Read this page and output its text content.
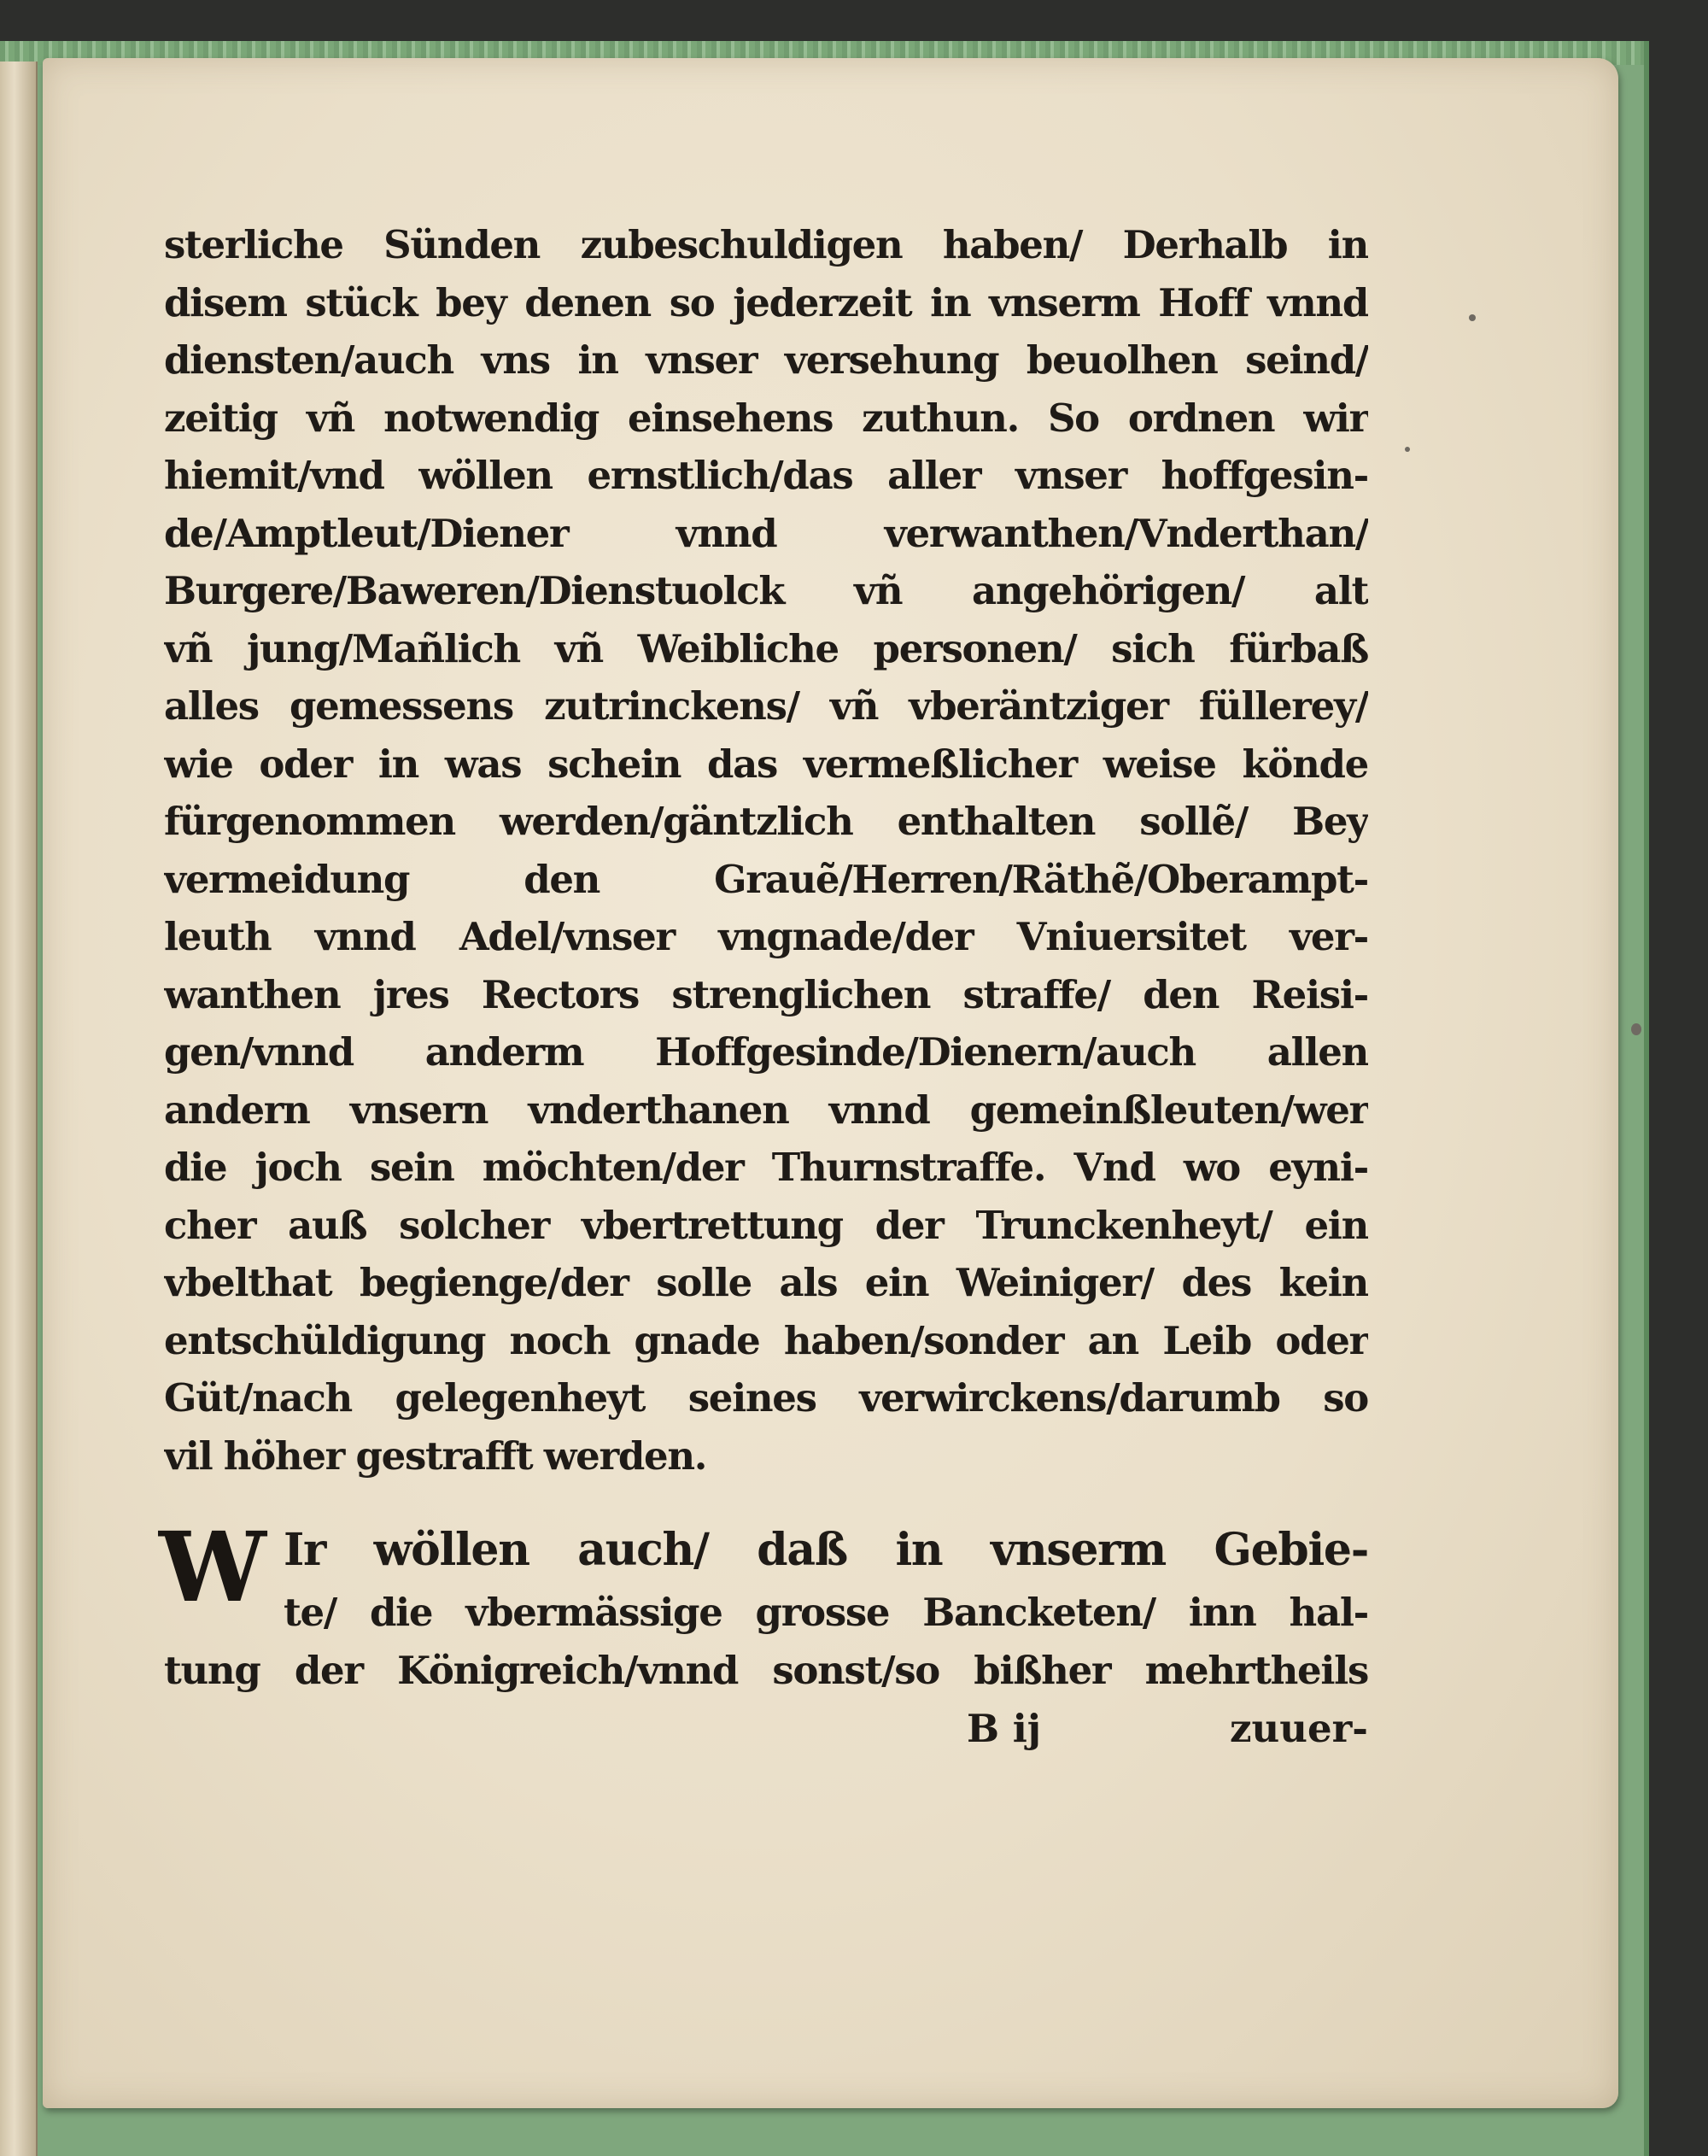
sterliche Sünden zubeschuldigen haben/ Derhalb in
disem stück bey denen so jederzeit in vnserm Hoff vnnd
diensten/auch vns in vnser versehung beuolhen seind/
zeitig vñ notwendig einsehens zuthun. So ordnen wir
hiemit/vnd wöllen ernstlich/das aller vnser hoffgesin-
de/Amptleut/Diener vnnd verwanthen/Vnderthan/
Burgere/Baweren/Dienstuolck vñ angehörigen/ alt
vñ jung/Mañlich vñ Weibliche personen/ sich fürbaß
alles gemessens zutrinckens/ vñ vberäntziger füllerey/
wie oder in was schein das vermeßlicher weise könde
fürgenommen werden/gäntzlich enthalten sollẽ/ Bey
vermeidung den Grauẽ/Herren/Räthẽ/Oberampt-
leuth vnnd Adel/vnser vngnade/der Vniuersitet ver-
wanthen jres Rectors strenglichen straffe/ den Reisi-
gen/vnnd anderm Hoffgesinde/Dienern/auch allen
andern vnsern vnderthanen vnnd gemeinßleuten/wer
die joch sein möchten/der Thurnstraffe. Vnd wo eyni-
cher auß solcher vbertrettung der Trunckenheyt/ ein
vbelthat begienge/der solle als ein Weiniger/ des kein
entschüldigung noch gnade haben/sonder an Leib oder
Güt/nach gelegenheyt seines verwirckens/darumb so
vil höher gestrafft werden.
W Ir wöllen auch/ daß in vnserm Gebie-
te/ die vbermässige grosse Bancketen/ inn hal-
tung der Königreich/vnnd sonst/so bißher mehrtheils
B ij	zuuer-
